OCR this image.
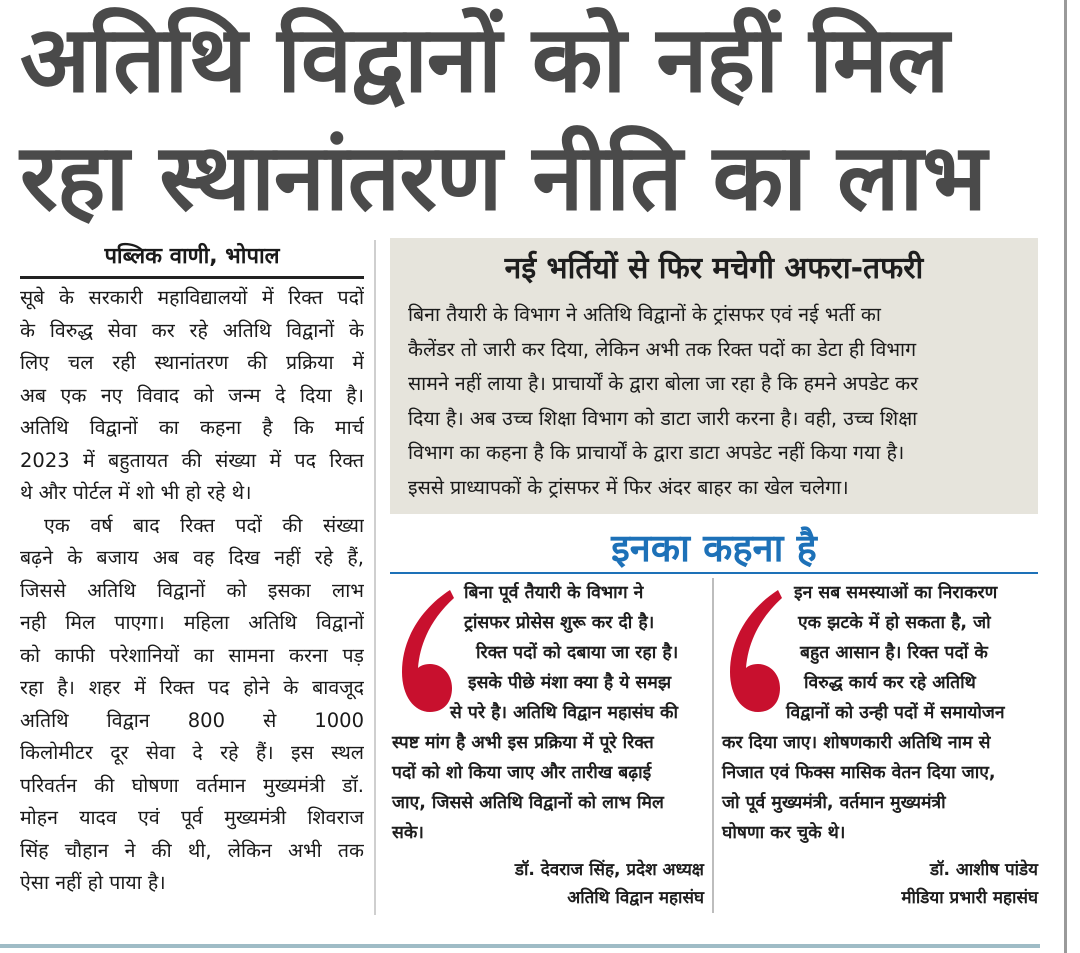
अतिथि विद्वानों को नहीं मिल
रहा स्थानांतरण नीति का लाभ
पब्लिक वाणी, भोपाल
सूबे के सरकारी महाविद्यालयों में रिक्त पदों
के विरुद्ध सेवा कर रहे अतिथि विद्वानों के
लिए चल रही स्थानांतरण की प्रक्रिया में
अब एक नए विवाद को जन्म दे दिया है।
अतिथि विद्वानों का कहना है कि मार्च
2023 में बहुतायत की संख्या में पद रिक्त
थे और पोर्टल में शो भी हो रहे थे।
एक वर्ष बाद रिक्त पदों की संख्या
बढ़ने के बजाय अब वह दिख नहीं रहे हैं,
जिससे अतिथि विद्वानों को इसका लाभ
नही मिल पाएगा। महिला अतिथि विद्वानों
को काफी परेशानियों का सामना करना पड़
रहा है। शहर में रिक्त पद होने के बावजूद
अतिथि विद्वान 800 से 1000
किलोमीटर दूर सेवा दे रहे हैं। इस स्थल
परिवर्तन की घोषणा वर्तमान मुख्यमंत्री डॉ.
मोहन यादव एवं पूर्व मुख्यमंत्री शिवराज
सिंह चौहान ने की थी, लेकिन अभी तक
ऐसा नहीं हो पाया है।
नई भर्तियों से फिर मचेगी अफरा-तफरी
बिना तैयारी के विभाग ने अतिथि विद्वानों के ट्रांसफर एवं नई भर्ती का
कैलेंडर तो जारी कर दिया, लेकिन अभी तक रिक्त पदों का डेटा ही विभाग
सामने नहीं लाया है। प्राचार्यों के द्वारा बोला जा रहा है कि हमने अपडेट कर
दिया है। अब उच्च शिक्षा विभाग को डाटा जारी करना है। वही, उच्च शिक्षा
विभाग का कहना है कि प्राचार्यों के द्वारा डाटा अपडेट नहीं किया गया है।
इससे प्राध्यापकों के ट्रांसफर में फिर अंदर बाहर का खेल चलेगा।
इनका कहना है
बिना पूर्व तैयारी के विभाग ने
ट्रांसफर प्रोसेस शुरू कर दी है।
रिक्त पदों को दबाया जा रहा है।
इसके पीछे मंशा क्या है ये समझ
से परे है। अतिथि विद्वान महासंघ की
स्पष्ट मांग है अभी इस प्रक्रिया में पूरे रिक्त
पदों को शो किया जाए और तारीख बढ़ाई
जाए, जिससे अतिथि विद्वानों को लाभ मिल
सके।
डॉ. देवराज सिंह, प्रदेश अध्यक्ष
अतिथि विद्वान महासंघ
इन सब समस्याओं का निराकरण
एक झटके में हो सकता है, जो
बहुत आसान है। रिक्त पदों के
विरुद्ध कार्य कर रहे अतिथि
विद्वानों को उन्ही पदों में समायोजन
कर दिया जाए। शोषणकारी अतिथि नाम से
निजात एवं फिक्स मासिक वेतन दिया जाए,
जो पूर्व मुख्यमंत्री, वर्तमान मुख्यमंत्री
घोषणा कर चुके थे।
डॉ. आशीष पांडेय
मीडिया प्रभारी महासंघ
